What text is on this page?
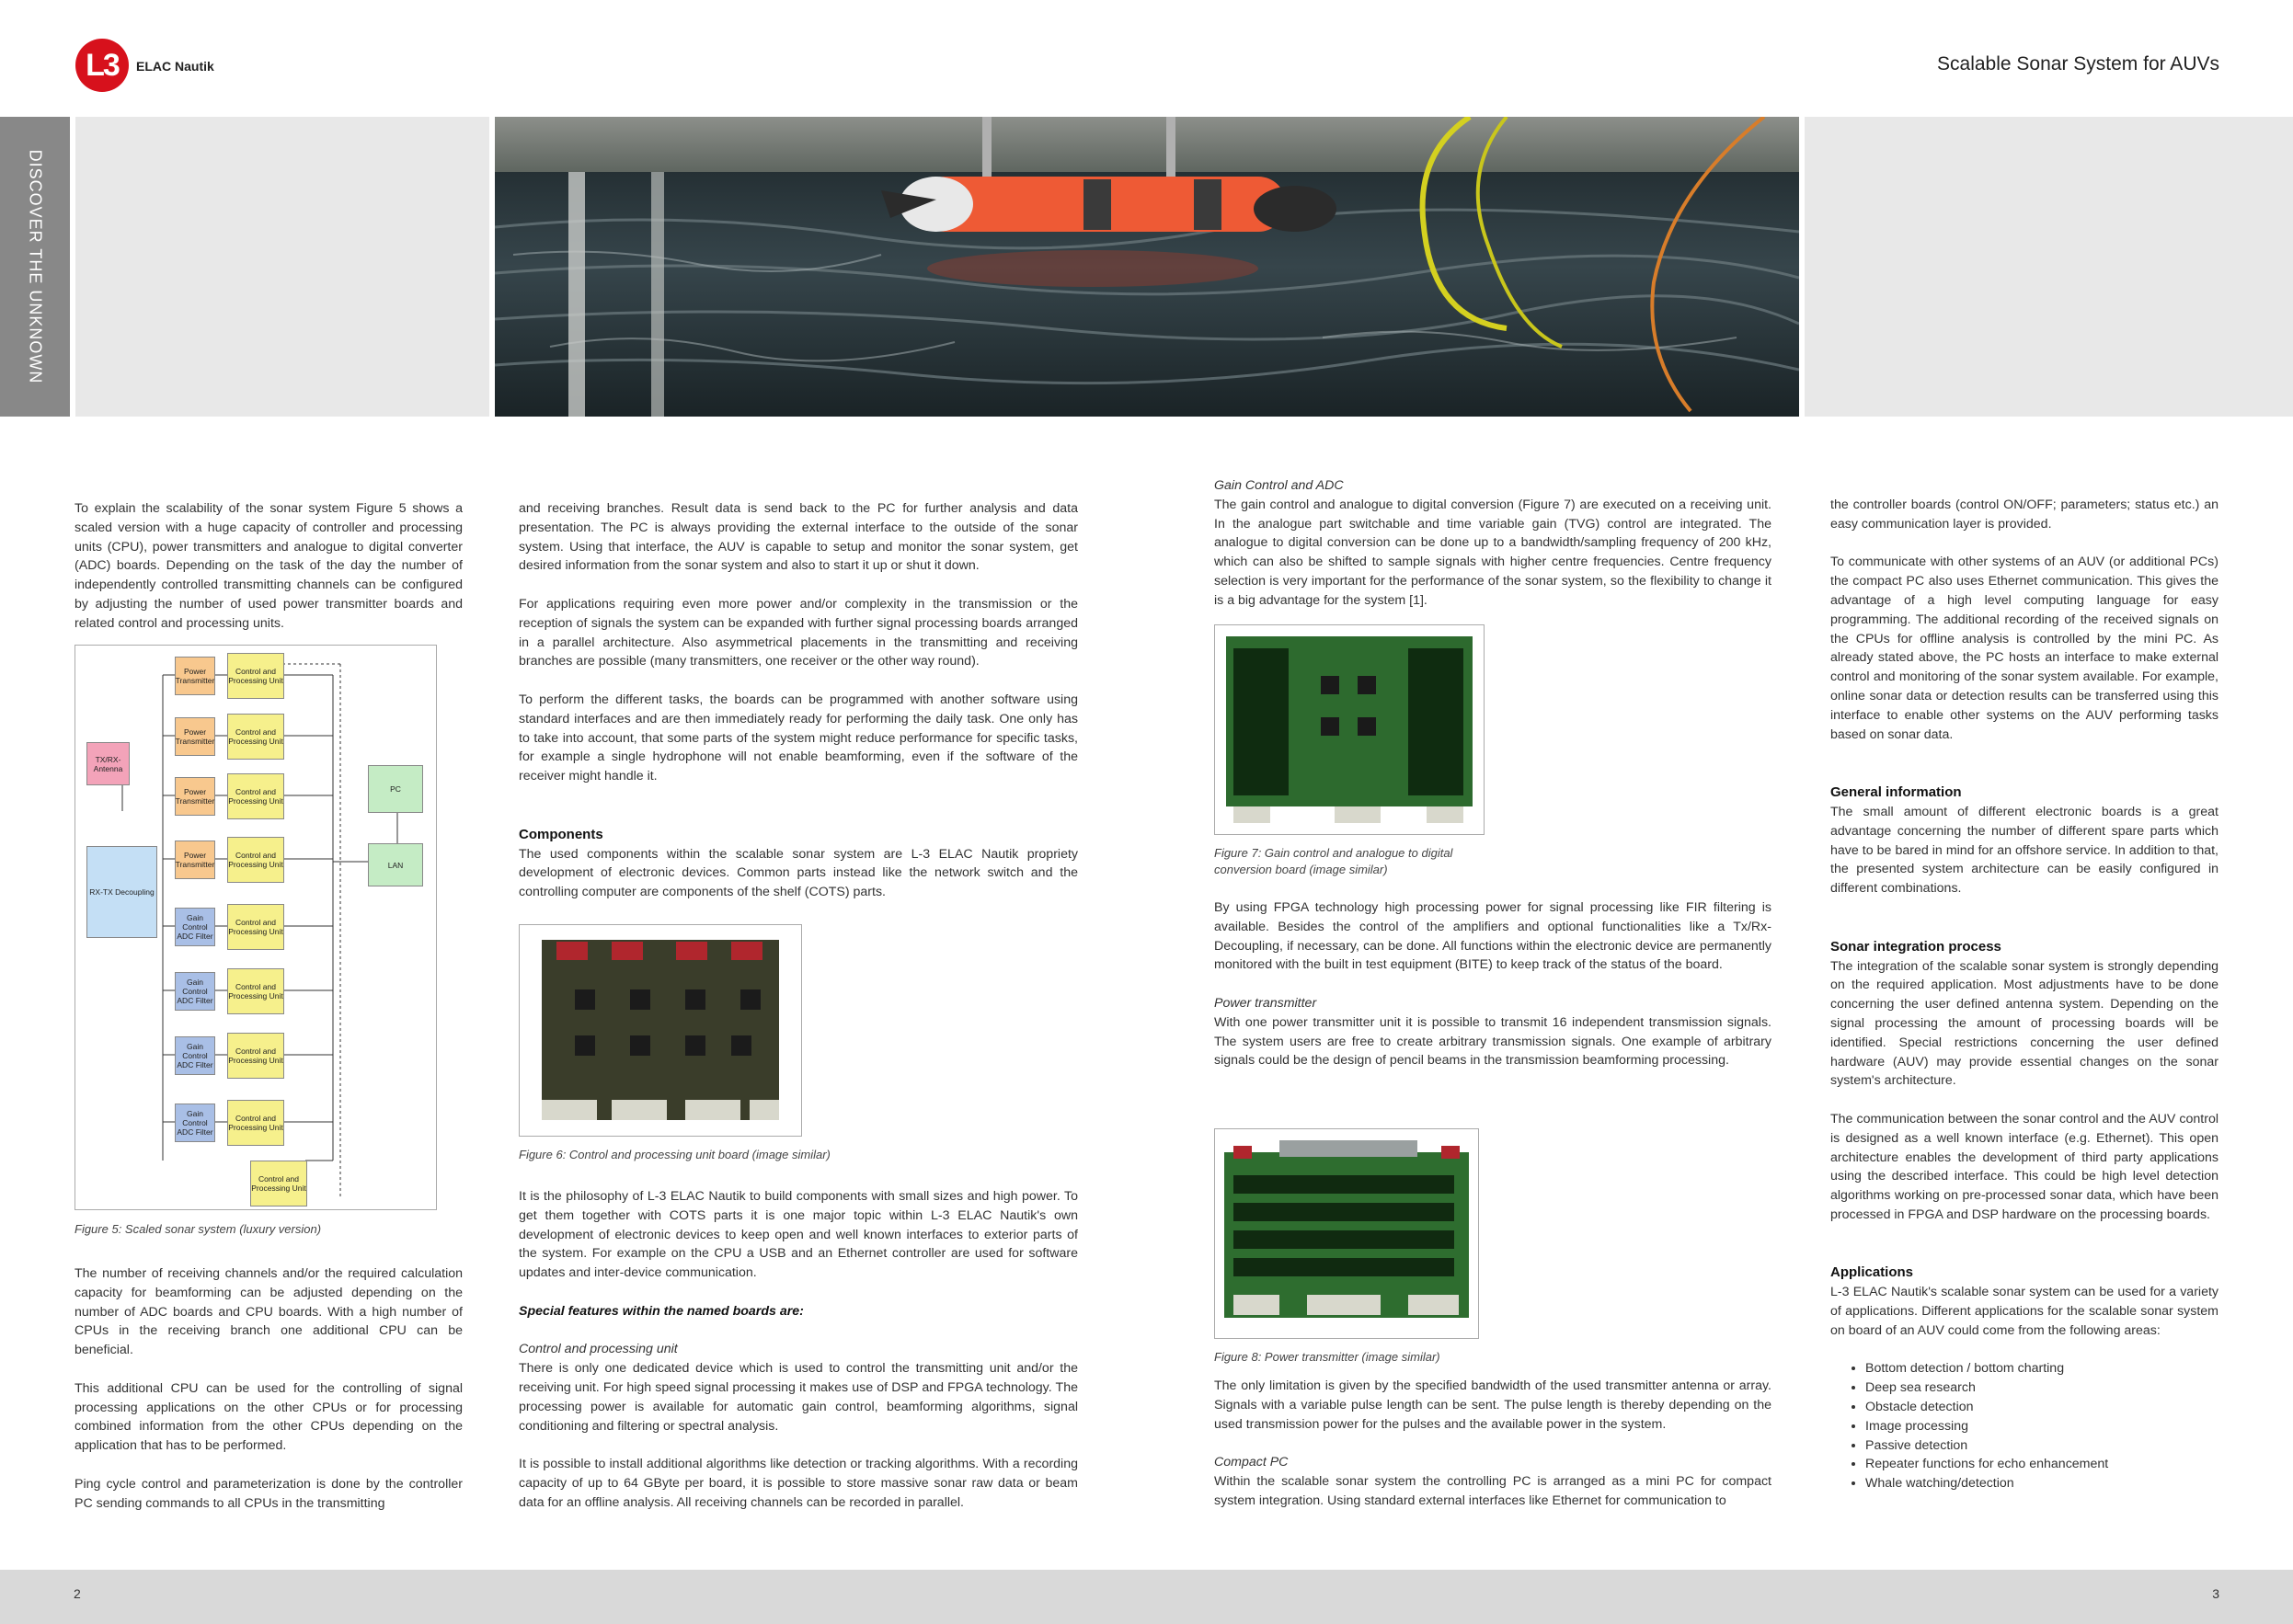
L3	ELAC Nautik	Scalable Sonar System for AUVs
DISCOVER THE UNKNOWN

To explain the scalability of the sonar system Figure 5 shows a scaled version with a huge capacity of controller and processing units (CPU), power transmitters and analogue to digital converter (ADC) boards. Depending on the task of the day the number of independently controlled transmitting channels can be configured by adjusting the number of used power transmitter boards and related control and processing units.

Power Transmitter
Control and Processing Unit
Power Transmitter
Control and Processing Unit
Power Transmitter
Control and Processing Unit
Power Transmitter
Control and Processing Unit
Gain Control ADC Filter
Control and Processing Unit
Gain Control ADC Filter
Control and Processing Unit
Gain Control ADC Filter
Control and Processing Unit
Gain Control ADC Filter
Control and Processing Unit
Control and Processing Unit
TX/RX-Antenna
RX-TX Decoupling
PC
LAN
Figure 5: Scaled sonar system (luxury version)

The number of receiving channels and/or the required calculation capacity for beamforming can be adjusted depending on the number of ADC boards and CPU boards. With a high number of CPUs in the receiving branch one additional CPU can be beneficial.

This additional CPU can be used for the controlling of signal processing applications on the other CPUs or for processing combined information from the other CPUs depending on the application that has to be performed.

Ping cycle control and parameterization is done by the controller PC sending commands to all CPUs in the transmitting

and receiving branches. Result data is send back to the PC for further analysis and data presentation. The PC is always providing the external interface to the outside of the sonar system. Using that interface, the AUV is capable to setup and monitor the sonar system, get desired information from the sonar system and also to start it up or shut it down.

For applications requiring even more power and/or complexity in the transmission or the reception of signals the system can be expanded with further signal processing boards arranged in a parallel architecture. Also asymmetrical placements in the transmitting and receiving branches are possible (many transmitters, one receiver or the other way round).

To perform the different tasks, the boards can be programmed with another software using standard interfaces and are then immediately ready for performing the daily task. One only has to take into account, that some parts of the system might reduce performance for specific tasks, for example a single hydrophone will not enable beamforming, even if the software of the receiver might handle it.

Components

The used components within the scalable sonar system are L-3 ELAC Nautik propriety development of electronic devices. Common parts instead like the network switch and the controlling computer are components of the shelf (COTS) parts.

Figure 6: Control and processing unit board (image similar)

It is the philosophy of L-3 ELAC Nautik to build components with small sizes and high power. To get them together with COTS parts it is one major topic within L-3 ELAC Nautik's own development of electronic devices to keep open and well known interfaces to exterior parts of the system. For example on the CPU a USB and an Ethernet controller are used for software updates and inter-device communication.

Special features within the named boards are:

Control and processing unit

There is only one dedicated device which is used to control the transmitting unit and/or the receiving unit. For high speed signal processing it makes use of DSP and FPGA technology. The processing power is available for automatic gain control, beamforming algorithms, signal conditioning and filtering or spectral analysis.

It is possible to install additional algorithms like detection or tracking algorithms. With a recording capacity of up to 64 GByte per board, it is possible to store massive sonar raw data or beam data for an offline analysis. All receiving channels can be recorded in parallel.

Gain Control and ADC

The gain control and analogue to digital conversion (Figure 7) are executed on a receiving unit. In the analogue part switchable and time variable gain (TVG) control are integrated. The analogue to digital conversion can be done up to a bandwidth/sampling frequency of 200 kHz, which can also be shifted to sample signals with higher centre frequencies. Centre frequency selection is very important for the performance of the sonar system, so the flexibility to change it is a big advantage for the system [1].

Figure 7: Gain control and analogue to digital
conversion board (image similar)

By using FPGA technology high processing power for signal processing like FIR filtering is available. Besides the control of the amplifiers and optional functionalities like a Tx/Rx-Decoupling, if necessary, can be done. All functions within the electronic device are permanently monitored with the built in test equipment (BITE) to keep track of the status of the board.

Power transmitter

With one power transmitter unit it is possible to transmit 16 independent transmission signals. The system users are free to create arbitrary transmission signals. One example of arbitrary signals could be the design of pencil beams in the transmission beamforming processing.

Figure 8: Power transmitter (image similar)

The only limitation is given by the specified bandwidth of the used transmitter antenna or array. Signals with a variable pulse length can be sent. The pulse length is thereby depending on the used transmission power for the pulses and the available power in the system.

Compact PC

Within the scalable sonar system the controlling PC is arranged as a mini PC for compact system integration. Using standard external interfaces like Ethernet for communication to

the controller boards (control ON/OFF; parameters; status etc.) an easy communication layer is provided.

To communicate with other systems of an AUV (or additional PCs) the compact PC also uses Ethernet communication. This gives the advantage of a high level computing language for easy programming. The additional recording of the received signals on the CPUs for offline analysis is controlled by the mini PC. As already stated above, the PC hosts an interface to make external control and monitoring of the sonar system available. For example, online sonar data or detection results can be transferred using this interface to enable other systems on the AUV performing tasks based on sonar data.

General information

The small amount of different electronic boards is a great advantage concerning the number of different spare parts which have to be bared in mind for an offshore service. In addition to that, the presented system architecture can be easily configured in different combinations.

Sonar integration process

The integration of the scalable sonar system is strongly depending on the required application. Most adjustments have to be done concerning the user defined antenna system. Depending on the signal processing the amount of processing boards will be identified. Special restrictions concerning the user defined hardware (AUV) may provide essential changes on the sonar system's architecture.

The communication between the sonar control and the AUV control is designed as a well known interface (e.g. Ethernet). This open architecture enables the development of third party applications using the described interface. This could be high level detection algorithms working on pre-processed sonar data, which have been processed in FPGA and DSP hardware on the processing boards.

Applications

L-3 ELAC Nautik's scalable sonar system can be used for a variety of applications. Different applications for the scalable sonar system on board of an AUV could come from the following areas:

• Bottom detection / bottom charting
• Deep sea research
• Obstacle detection
• Image processing
• Passive detection
• Repeater functions for echo enhancement
• Whale watching/detection
2	3
